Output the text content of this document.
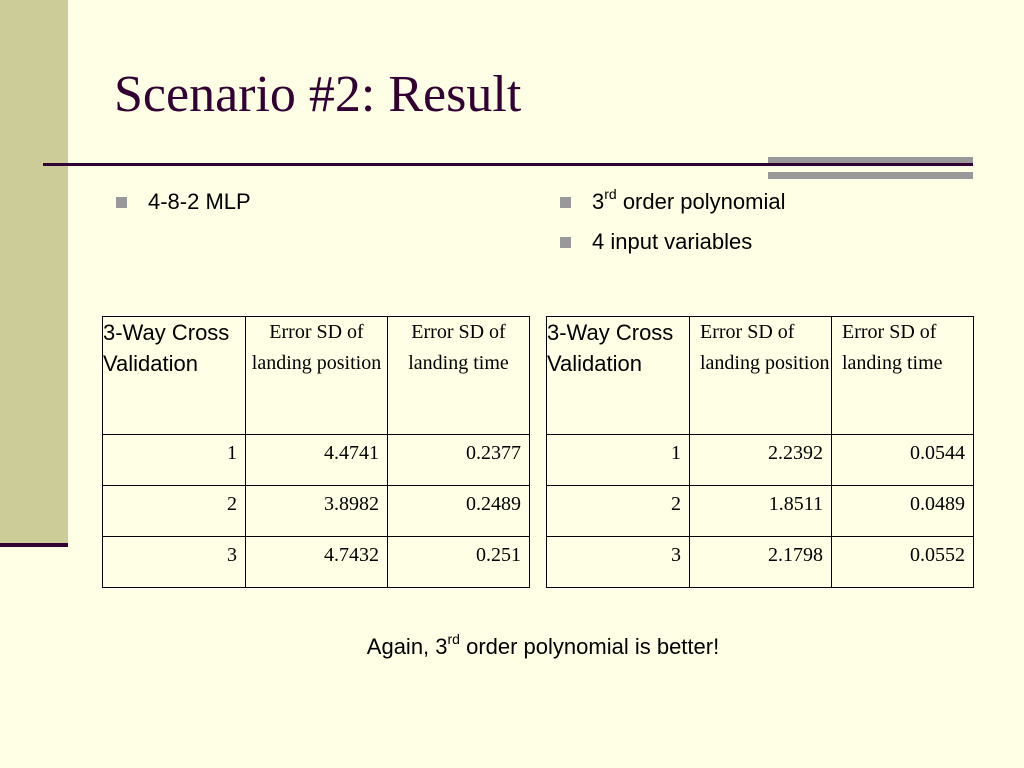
Scenario #2: Result
4-8-2 MLP	3rd order polynomial
4 input variables
3-Way Cross Validation	Error SD of landing position	Error SD of landing time
1	4.4741	0.2377
2	3.8982	0.2489
3	4.7432	0.251
3-Way Cross Validation	Error SD of landing position	Error SD of landing time
1	2.2392	0.0544
2	1.8511	0.0489
3	2.1798	0.0552

Again, 3rd order polynomial is better!
